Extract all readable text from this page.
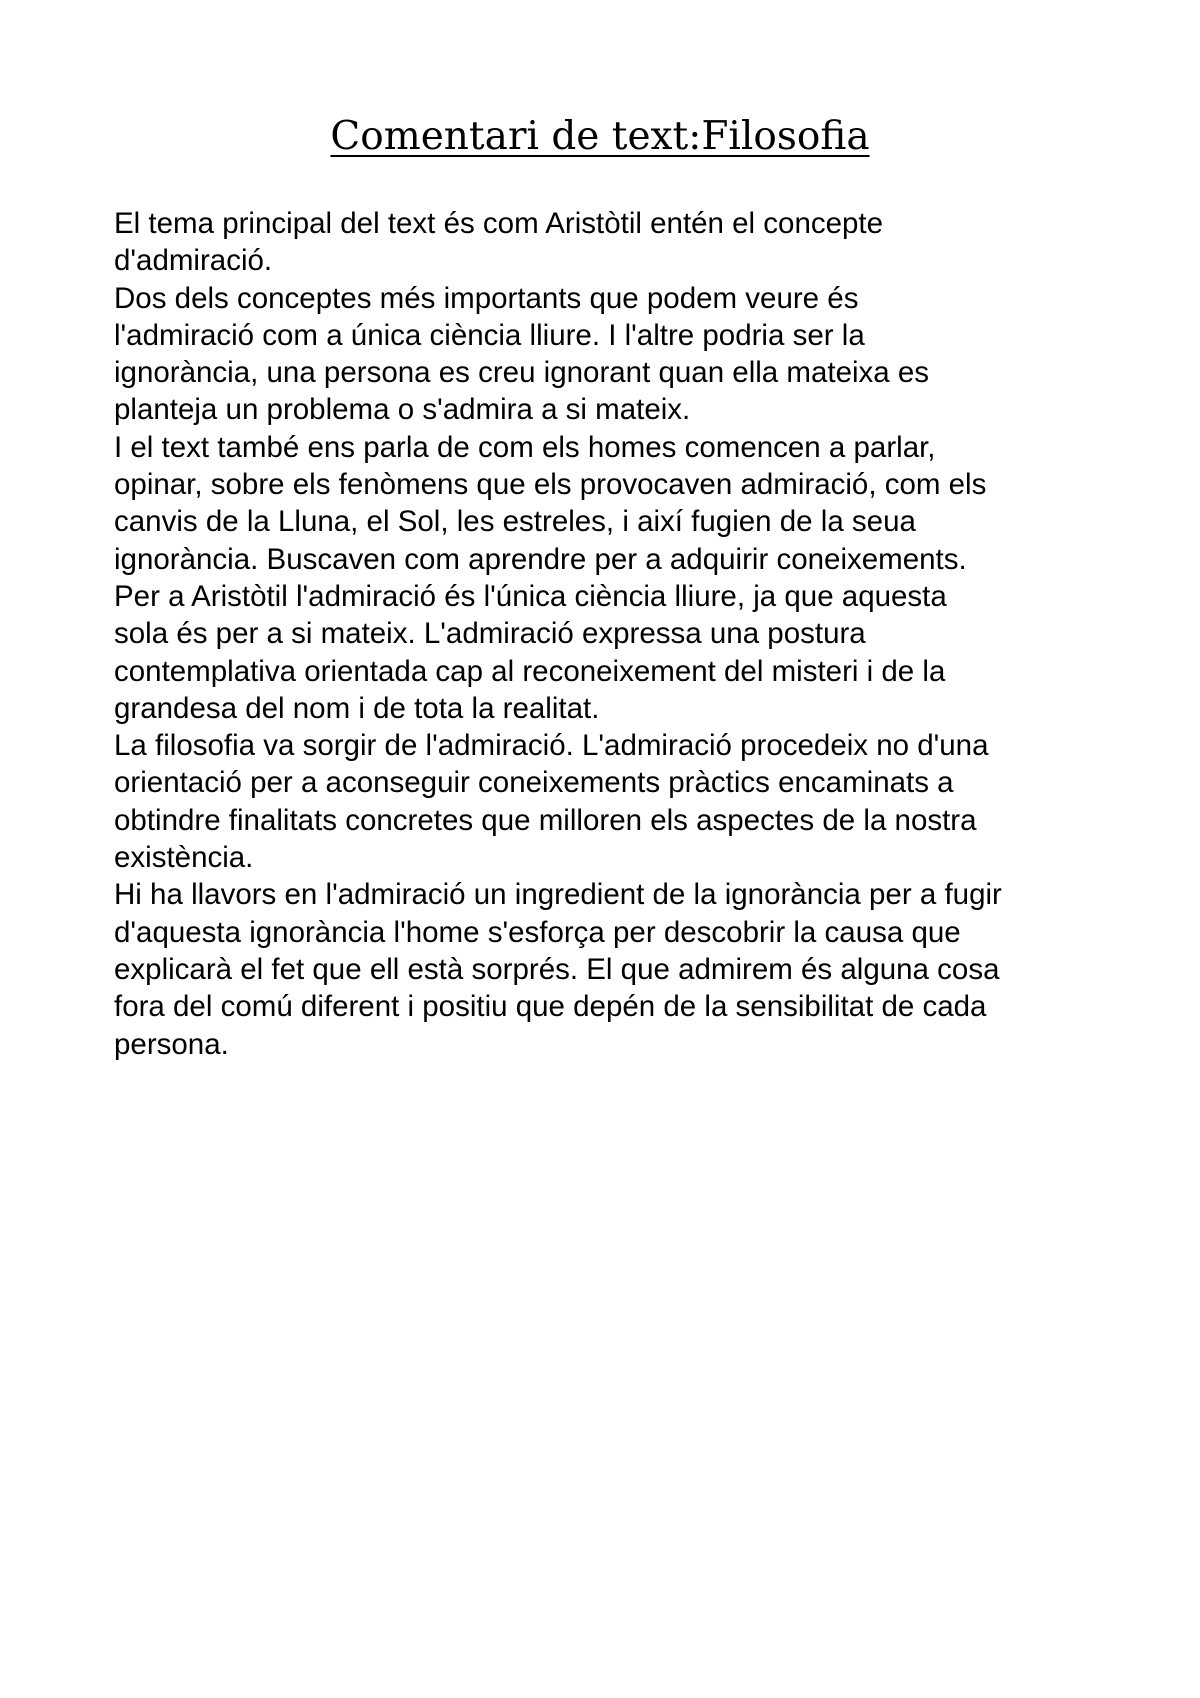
Comentari de text:Filosofia
El tema principal del text és com Aristòtil entén el concepte
d'admiració.
Dos dels conceptes més importants que podem veure és
l'admiració com a única ciència lliure. I l'altre podria ser la
ignorància, una persona es creu ignorant quan ella mateixa es
planteja un problema o s'admira a si mateix.
I el text també ens parla de com els homes comencen a parlar,
opinar, sobre els fenòmens que els provocaven admiració, com els
canvis de la Lluna, el Sol, les estreles, i així fugien de la seua
ignorància. Buscaven com aprendre per a adquirir coneixements.
Per a Aristòtil l'admiració és l'única ciència lliure, ja que aquesta
sola és per a si mateix. L'admiració expressa una postura
contemplativa orientada cap al reconeixement del misteri i de la
grandesa del nom i de tota la realitat.
La filosofia va sorgir de l'admiració. L'admiració procedeix no d'una
orientació per a aconseguir coneixements pràctics encaminats a
obtindre finalitats concretes que milloren els aspectes de la nostra
existència.
Hi ha llavors en l'admiració un ingredient de la ignorància per a fugir
d'aquesta ignorància l'home s'esforça per descobrir la causa que
explicarà el fet que ell està sorprés. El que admirem és alguna cosa
fora del comú diferent i positiu que depén de la sensibilitat de cada
persona.
